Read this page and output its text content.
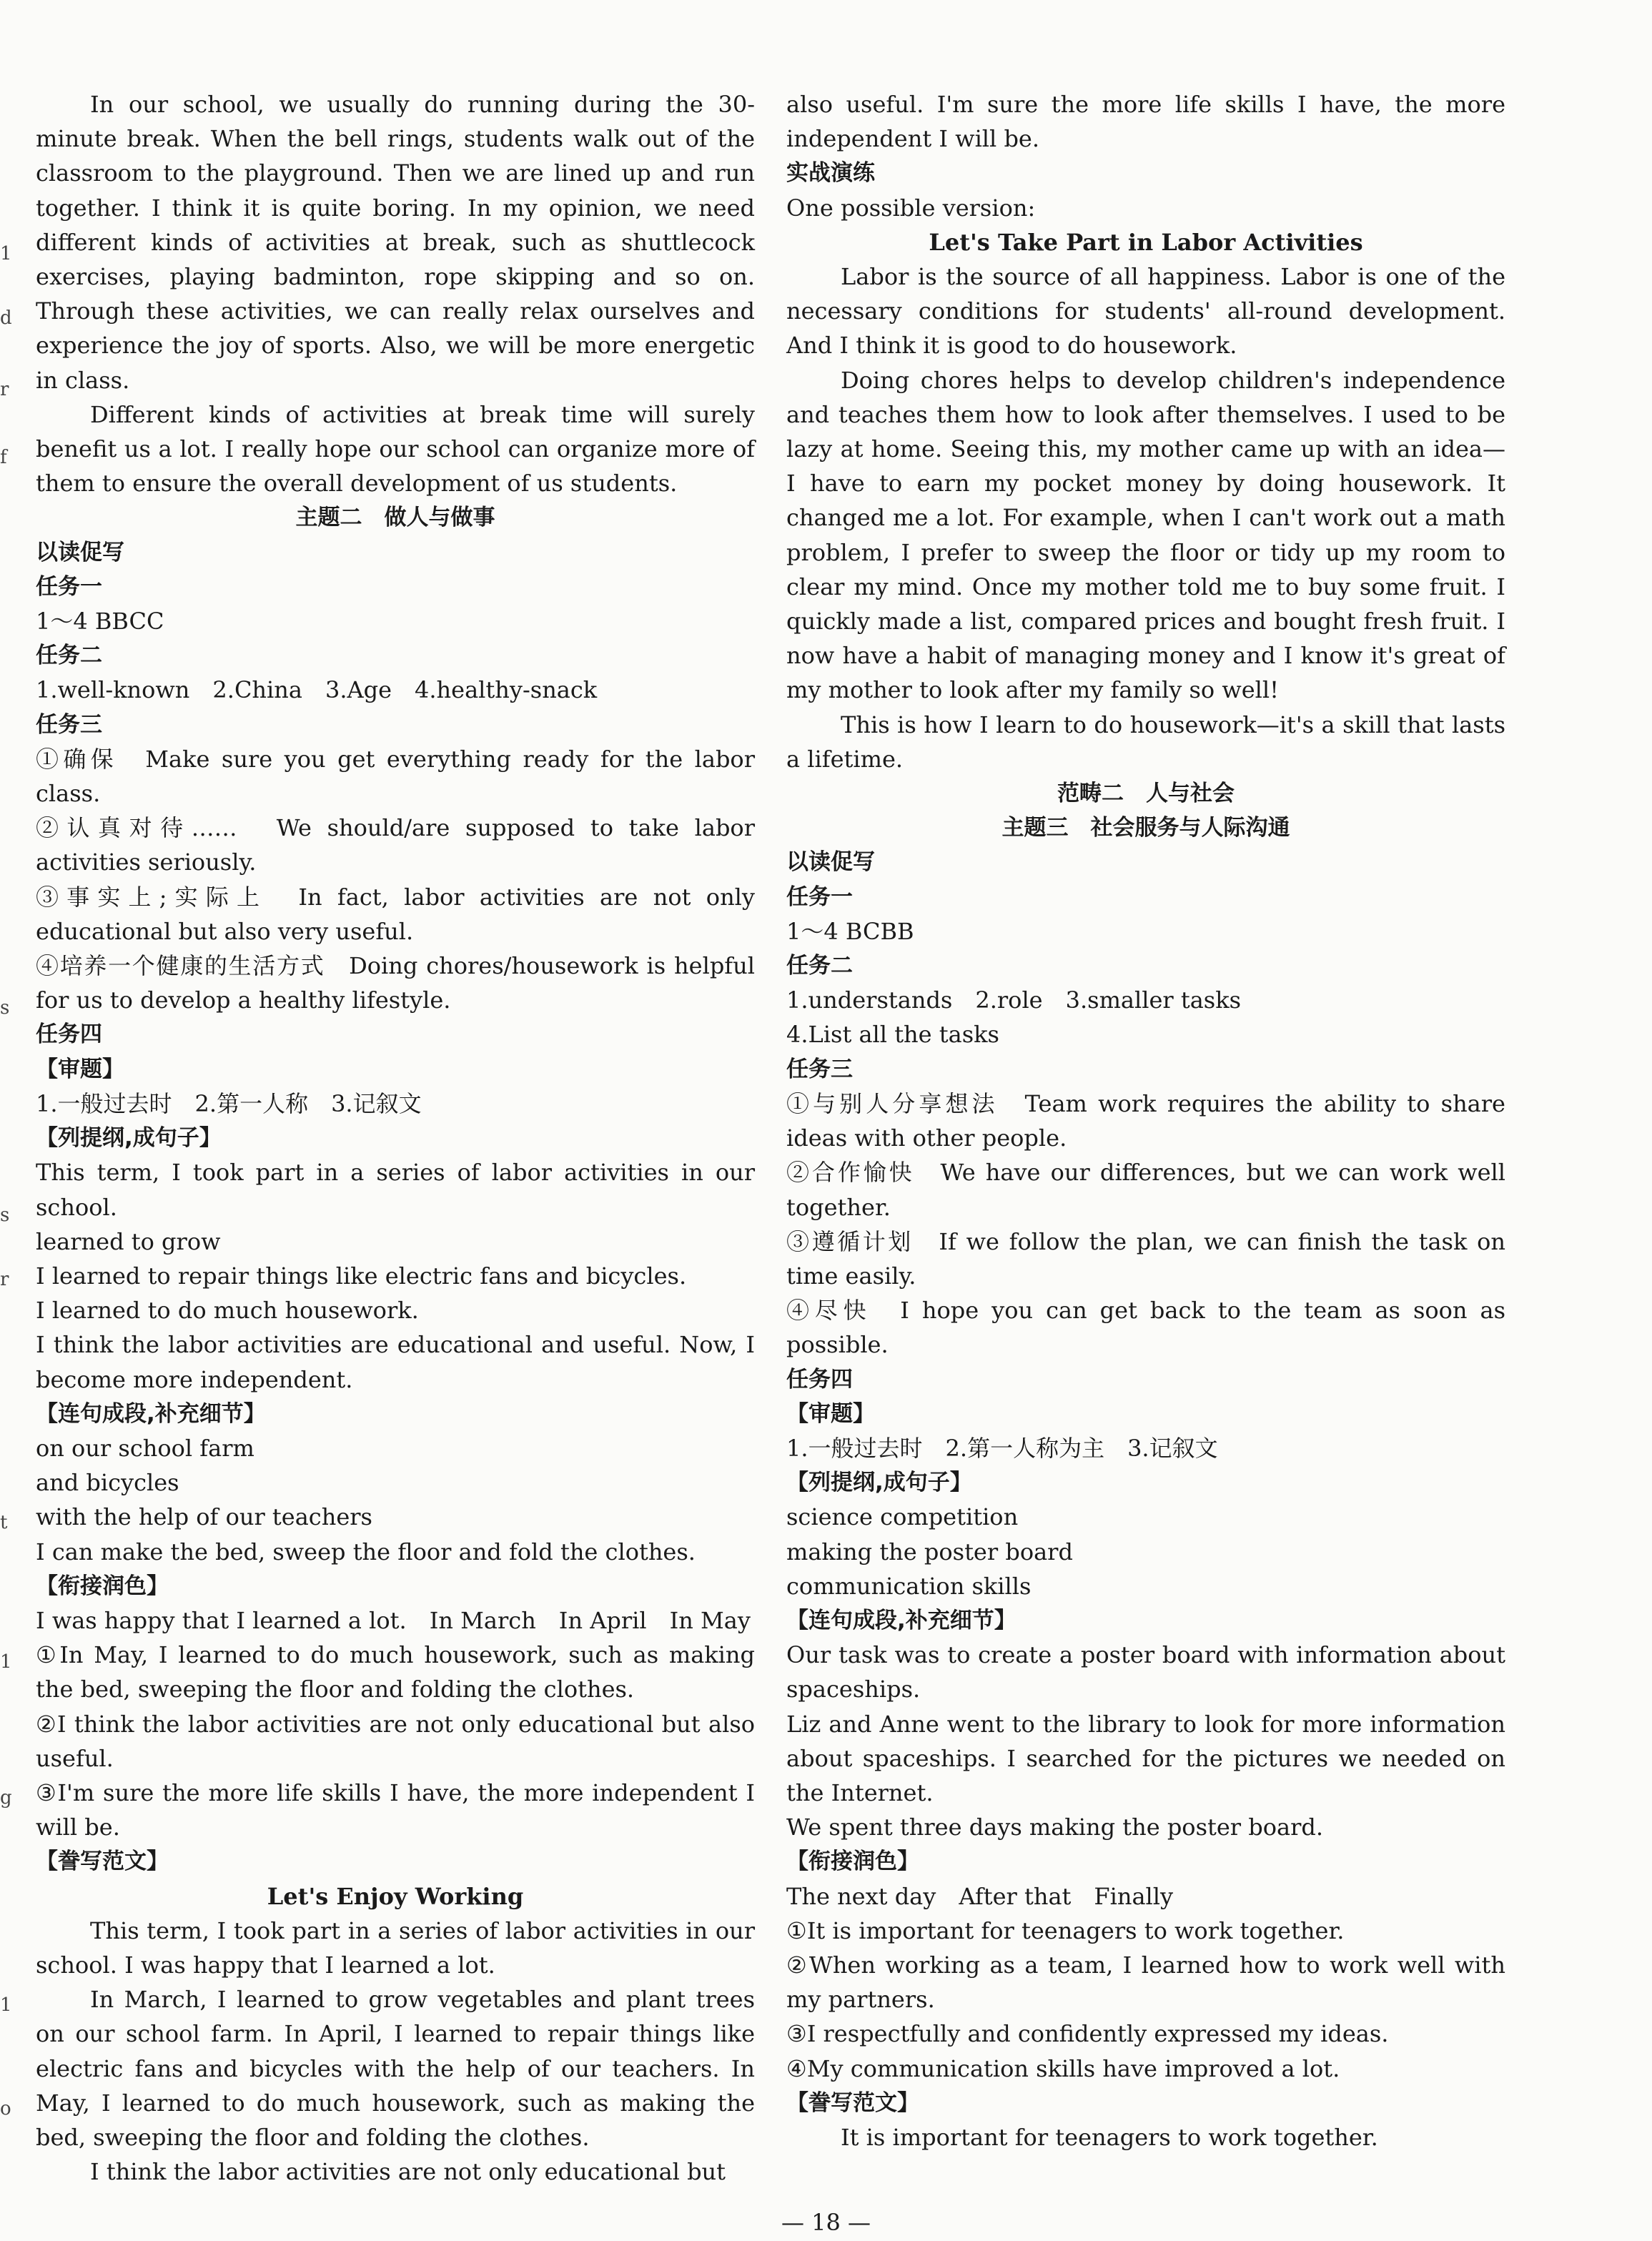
In our school, we usually do running during the 30-minute break. When the bell rings, students walk out of the classroom to the playground. Then we are lined up and run together. I think it is quite boring. In my opinion, we need different kinds of activities at break, such as shuttlecock exercises, playing badminton, rope skipping and so on. Through these activities, we can really relax ourselves and experience the joy of sports. Also, we will be more energetic in class.

Different kinds of activities at break time will surely benefit us a lot. I really hope our school can organize more of them to ensure the overall development of us students.

主题二　做人与做事

以读促写

任务一

1～4 BBCC

任务二

1.well-known　2.China　3.Age　4.healthy-snack

任务三

①确保　Make sure you get everything ready for the labor class.

②认真对待……　We should/are supposed to take labor activities seriously.

③事实上;实际上　In fact, labor activities are not only educational but also very useful.

④培养一个健康的生活方式　Doing chores/housework is helpful for us to develop a healthy lifestyle.

任务四

【审题】

1.一般过去时　2.第一人称　3.记叙文

【列提纲,成句子】

This term, I took part in a series of labor activities in our school.

learned to grow

I learned to repair things like electric fans and bicycles.

I learned to do much housework.

I think the labor activities are educational and useful. Now, I become more independent.

【连句成段,补充细节】

on our school farm

and bicycles

with the help of our teachers

I can make the bed, sweep the floor and fold the clothes.

【衔接润色】

I was happy that I learned a lot.　In March　In April　In May

①In May, I learned to do much housework, such as making the bed, sweeping the floor and folding the clothes.

②I think the labor activities are not only educational but also useful.

③I'm sure the more life skills I have, the more independent I will be.

【誊写范文】

Let's Enjoy Working

This term, I took part in a series of labor activities in our school. I was happy that I learned a lot.

In March, I learned to grow vegetables and plant trees on our school farm. In April, I learned to repair things like electric fans and bicycles with the help of our teachers. In May, I learned to do much housework, such as making the bed, sweeping the floor and folding the clothes.

I think the labor activities are not only educational but

also useful. I'm sure the more life skills I have, the more independent I will be.

实战演练

One possible version:

Let's Take Part in Labor Activities

Labor is the source of all happiness. Labor is one of the necessary conditions for students' all-round development. And I think it is good to do housework.

Doing chores helps to develop children's independence and teaches them how to look after themselves. I used to be lazy at home. Seeing this, my mother came up with an idea—I have to earn my pocket money by doing housework. It changed me a lot. For example, when I can't work out a math problem, I prefer to sweep the floor or tidy up my room to clear my mind. Once my mother told me to buy some fruit. I quickly made a list, compared prices and bought fresh fruit. I now have a habit of managing money and I know it's great of my mother to look after my family so well!

This is how I learn to do housework—it's a skill that lasts a lifetime.

范畴二　人与社会

主题三　社会服务与人际沟通

以读促写

任务一

1～4 BCBB

任务二

1.understands　2.role　3.smaller tasks

4.List all the tasks

任务三

①与别人分享想法　Team work requires the ability to share ideas with other people.

②合作愉快　We have our differences, but we can work well together.

③遵循计划　If we follow the plan, we can finish the task on time easily.

④尽快　I hope you can get back to the team as soon as possible.

任务四

【审题】

1.一般过去时　2.第一人称为主　3.记叙文

【列提纲,成句子】

science competition

making the poster board

communication skills

【连句成段,补充细节】

Our task was to create a poster board with information about spaceships.

Liz and Anne went to the library to look for more information about spaceships. I searched for the pictures we needed on the Internet.

We spent three days making the poster board.

【衔接润色】

The next day　After that　Finally

①It is important for teenagers to work together.

②When working as a team, I learned how to work well with my partners.

③I respectfully and confidently expressed my ideas.

④My communication skills have improved a lot.

【誊写范文】

It is important for teenagers to work together.

1
d
r
f
s
s
r
t
1
g
1
o
— 18 —
